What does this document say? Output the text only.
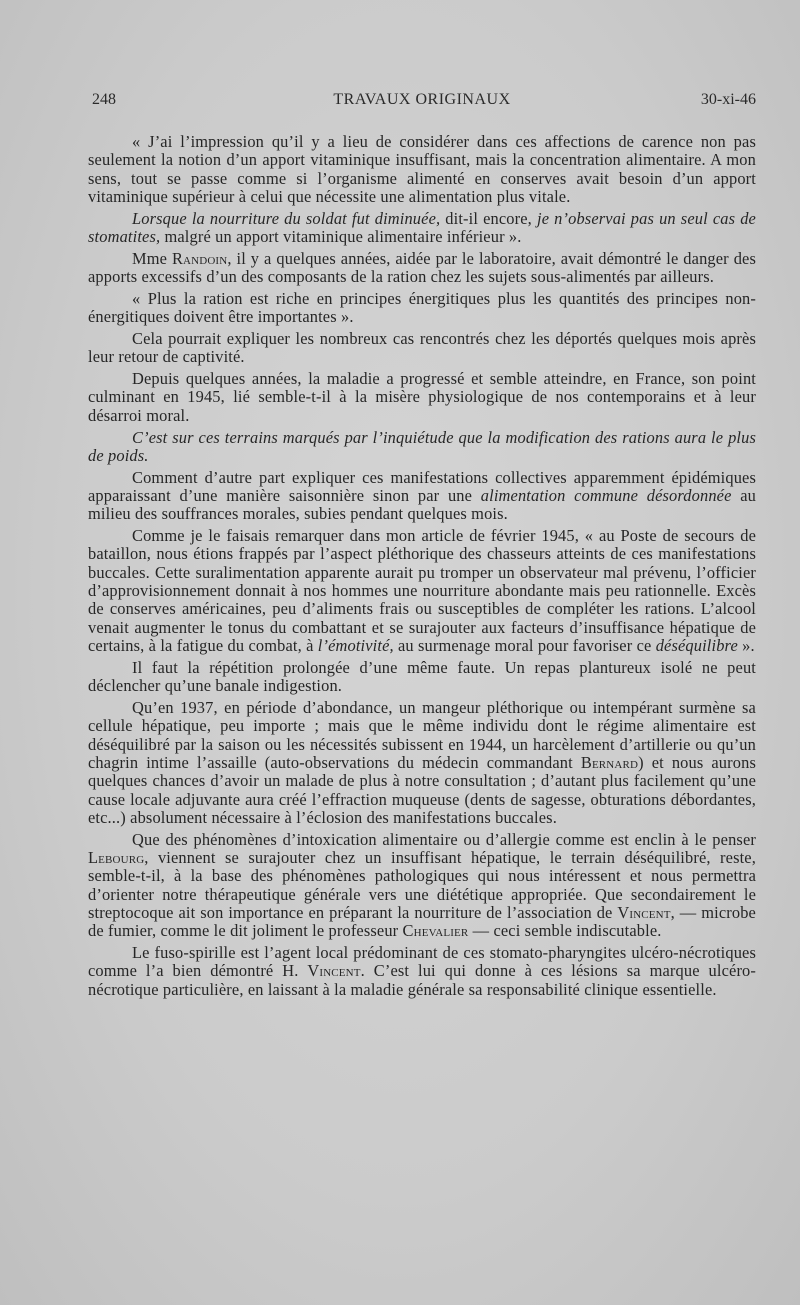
248	TRAVAUX ORIGINAUX	30-xi-46

« J’ai l’impression qu’il y a lieu de considérer dans ces affections de carence non pas seulement la notion d’un apport vitaminique insuffisant, mais la concentration alimentaire. A mon sens, tout se passe comme si l’organisme alimenté en conserves avait besoin d’un apport vitaminique supérieur à celui que nécessite une alimentation plus vitale.

Lorsque la nourriture du soldat fut diminuée, dit-il encore, je n’observai pas un seul cas de stomatites, malgré un apport vitaminique alimentaire inférieur ».

Mme Randoin, il y a quelques années, aidée par le laboratoire, avait démontré le danger des apports excessifs d’un des composants de la ration chez les sujets sous-alimentés par ailleurs.

« Plus la ration est riche en principes énergitiques plus les quantités des principes non-énergitiques doivent être importantes ».

Cela pourrait expliquer les nombreux cas rencontrés chez les déportés quelques mois après leur retour de captivité.

Depuis quelques années, la maladie a progressé et semble atteindre, en France, son point culminant en 1945, lié semble-t-il à la misère physiologique de nos contemporains et à leur désarroi moral.

C’est sur ces terrains marqués par l’inquiétude que la modification des rations aura le plus de poids.

Comment d’autre part expliquer ces manifestations collectives apparemment épidémiques apparaissant d’une manière saisonnière sinon par une alimentation commune désordonnée au milieu des souffrances morales, subies pendant quelques mois.

Comme je le faisais remarquer dans mon article de février 1945, « au Poste de secours de bataillon, nous étions frappés par l’aspect pléthorique des chasseurs atteints de ces manifestations buccales. Cette suralimentation apparente aurait pu tromper un observateur mal prévenu, l’officier d’approvisionnement donnait à nos hommes une nourriture abondante mais peu rationnelle. Excès de conserves américaines, peu d’aliments frais ou susceptibles de compléter les rations. L’alcool venait augmenter le tonus du combattant et se surajouter aux facteurs d’insuffisance hépatique de certains, à la fatigue du combat, à l’émotivité, au surmenage moral pour favoriser ce déséquilibre ».

Il faut la répétition prolongée d’une même faute. Un repas plantureux isolé ne peut déclencher qu’une banale indigestion.

Qu’en 1937, en période d’abondance, un mangeur pléthorique ou intempérant surmène sa cellule hépatique, peu importe ; mais que le même individu dont le régime alimentaire est déséquilibré par la saison ou les nécessités subissent en 1944, un harcèlement d’artillerie ou qu’un chagrin intime l’assaille (auto-observations du médecin commandant Bernard) et nous aurons quelques chances d’avoir un malade de plus à notre consultation ; d’autant plus facilement qu’une cause locale adjuvante aura créé l’effraction muqueuse (dents de sagesse, obturations débordantes, etc...) absolument nécessaire à l’éclosion des manifestations buccales.

Que des phénomènes d’intoxication alimentaire ou d’allergie comme est enclin à le penser Lebourg, viennent se surajouter chez un insuffisant hépatique, le terrain déséquilibré, reste, semble-t-il, à la base des phénomènes pathologiques qui nous intéressent et nous permettra d’orienter notre thérapeutique générale vers une diététique appropriée. Que secondairement le streptocoque ait son importance en préparant la nourriture de l’association de Vincent, — microbe de fumier, comme le dit joliment le professeur Chevalier — ceci semble indiscutable.

Le fuso-spirille est l’agent local prédominant de ces stomato-pharyngites ulcéro-nécrotiques comme l’a bien démontré H. Vincent. C’est lui qui donne à ces lésions sa marque ulcéro-nécrotique particulière, en laissant à la maladie générale sa responsabilité clinique essentielle.
